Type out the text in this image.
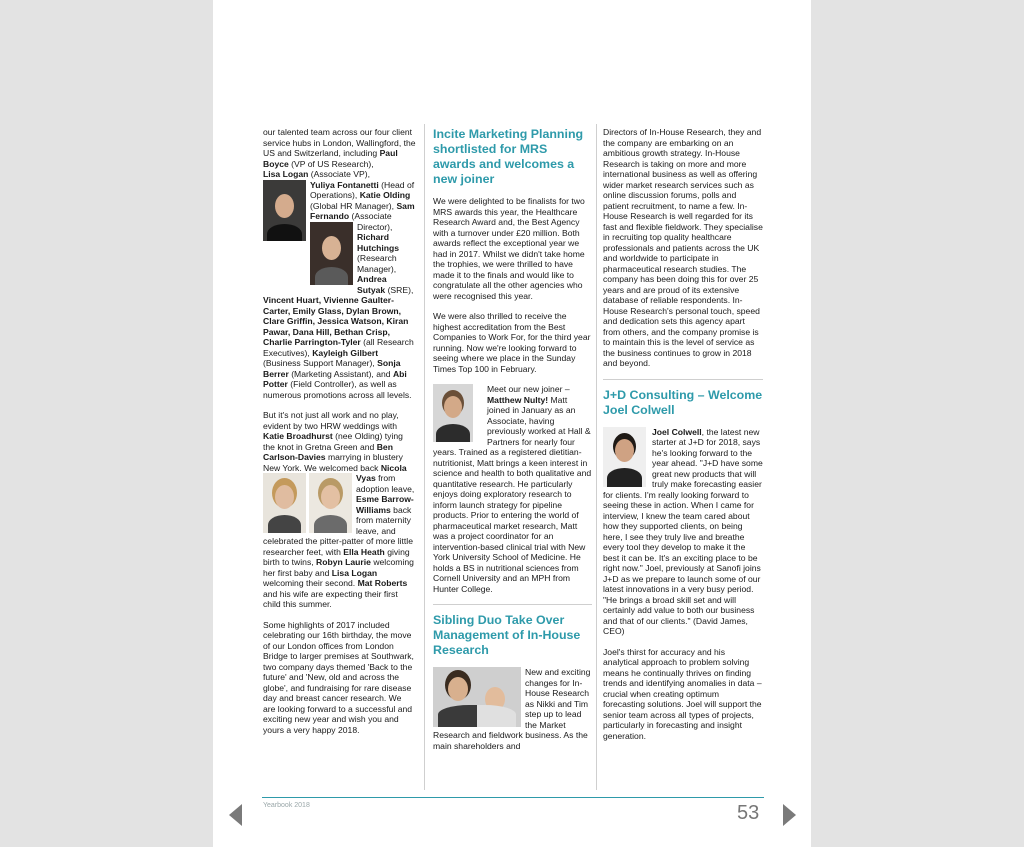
our talented team across our four client service hubs in London, Wallingford, the US and Switzerland, including Paul Boyce (VP of US Research),
Lisa Logan (Associate VP),

Yuliya Fontanetti (Head of Operations), Katie Olding (Global HR Manager), Sam Fernando (Associate Director),
Richard Hutchings (Research Manager), Andrea Sutyak (SRE), Vincent Huart, Vivienne Gaulter-Carter, Emily Glass, Dylan Brown, Clare Griffin, Jessica Watson, Kiran Pawar, Dana Hill, Bethan Crisp, Charlie Parrington-Tyler (all Research Executives), Kayleigh Gilbert (Business Support Manager), Sonja Berrer (Marketing Assistant), and Abi Potter (Field Controller), as well as numerous promotions across all levels.

But it's not just all work and no play, evident by two HRW weddings with Katie Broadhurst (nee Olding) tying the knot in Gretna Green and Ben Carlson-Davies marrying in blustery New York. We welcomed back
Nicola Vyas from adoption leave, Esme Barrow-Williams back from maternity leave, and celebrated the pitter-patter of more little researcher feet, with Ella Heath giving birth to twins, Robyn Laurie welcoming her first baby and Lisa Logan welcoming their second. Mat Roberts and his wife are expecting their first child this summer.

Some highlights of 2017 included celebrating our 16th birthday, the move of our London offices from London Bridge to larger premises at Southwark, two company days themed 'Back to the future' and 'New, old and across the globe', and fundraising for rare disease day and breast cancer research. We are looking forward to a successful and exciting new year and wish you and yours a very happy 2018.

Incite Marketing Planning shortlisted for MRS awards and welcomes a new joiner

We were delighted to be finalists for two MRS awards this year, the Healthcare Research Award and, the Best Agency with a turnover under £20 million. Both awards reflect the exceptional year we had in 2017. Whilst we didn't take home the trophies, we were thrilled to have made it to the finals and would like to congratulate all the other agencies who were recognised this year.

We were also thrilled to receive the highest accreditation from the Best Companies to Work For, for the third year running. Now we're looking forward to seeing where we place in the Sunday Times Top 100 in February.

Meet our new joiner – Matthew Nulty! Matt joined in January as an Associate, having previously worked at Hall & Partners for nearly four years. Trained as a registered dietitian-nutritionist, Matt brings a keen interest in science and health to both qualitative and quantitative research. He particularly enjoys doing exploratory research to inform launch strategy for pipeline products. Prior to entering the world of pharmaceutical market research, Matt was a project coordinator for an intervention-based clinical trial with New York University School of Medicine. He holds a BS in nutritional sciences from Cornell University and an MPH from Hunter College.

Sibling Duo Take Over Management of In-House Research

New and exciting changes for In-House Research as Nikki and Tim step up to lead the Market Research and fieldwork business. As the main shareholders and

Directors of In-House Research, they and the company are embarking on an ambitious growth strategy. In-House Research is taking on more and more international business as well as offering wider market research services such as online discussion forums, polls and patient recruitment, to name a few. In-House Research is well regarded for its fast and flexible fieldwork. They specialise in recruiting top quality healthcare professionals and patients across the UK and worldwide to participate in pharmaceutical research studies. The company has been doing this for over 25 years and are proud of its extensive database of reliable respondents. In-House Research's personal touch, speed and dedication sets this agency apart from others, and the company promise is to maintain this is the level of service as the business continues to grow in 2018 and beyond.

J+D Consulting – Welcome Joel Colwell

Joel Colwell, the latest new starter at J+D for 2018, says he's looking forward to the year ahead. "J+D have some great new products that will truly make forecasting easier for clients. I'm really looking forward to seeing these in action. When I came for interview, I knew the team cared about how they supported clients, on being here, I see they truly live and breathe every tool they develop to make it the best it can be. It's an exciting place to be right now." Joel, previously at Sanofi joins J+D as we prepare to launch some of our latest innovations in a very busy period. "He brings a broad skill set and will certainly add value to both our business and that of our clients." (David James, CEO)

Joel's thirst for accuracy and his analytical approach to problem solving means he continually thrives on finding trends and identifying anomalies in data – crucial when creating optimum forecasting solutions. Joel will support the senior team across all types of projects, particularly in forecasting and insight generation.

Yearbook 2018	53
